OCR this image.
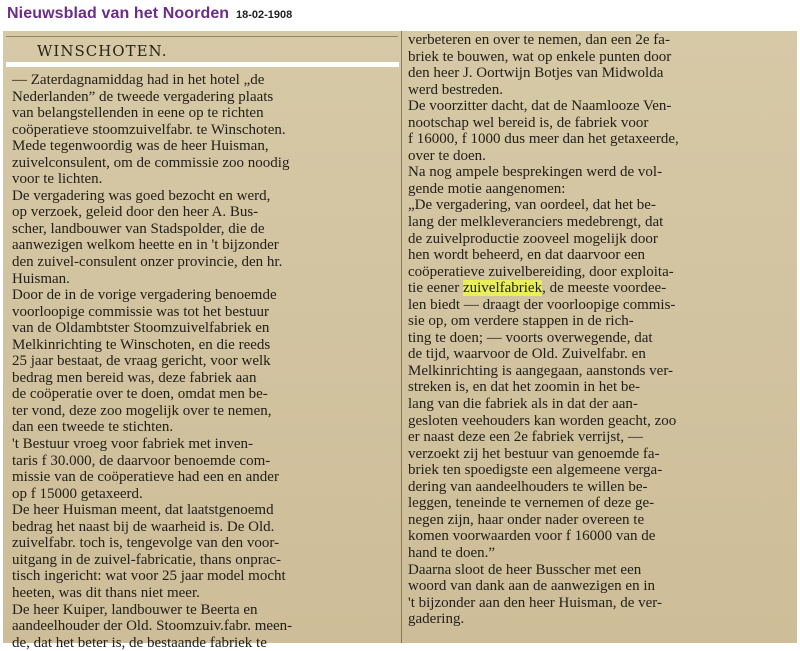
Nieuwsblad van het Noorden 18-02-1908
WINSCHOTEN.
— Zaterdagnamiddag had in het hotel „de
Nederlanden” de tweede vergadering plaats
van belangstellenden in eene op te richten
coöperatieve stoomzuivelfabr. te Winschoten.
Mede tegenwoordig was de heer Huisman,
zuivelconsulent, om de commissie zoo noodig
voor te lichten.
De vergadering was goed bezocht en werd,
op verzoek, geleid door den heer A. Bus-
scher, landbouwer van Stadspolder, die de
aanwezigen welkom heette en in 't bijzonder
den zuivel-consulent onzer provincie, den hr.
Huisman.
Door de in de vorige vergadering benoemde
voorloopige commissie was tot het bestuur
van de Oldambtster Stoomzuivelfabriek en
Melkinrichting te Winschoten, en die reeds
25 jaar bestaat, de vraag gericht, voor welk
bedrag men bereid was, deze fabriek aan
de coöperatie over te doen, omdat men be-
ter vond, deze zoo mogelijk over te nemen,
dan een tweede te stichten.
't Bestuur vroeg voor fabriek met inven-
taris f 30.000, de daarvoor benoemde com-
missie van de coöperatieve had een en ander
op f 15000 getaxeerd.
De heer Huisman meent, dat laatstgenoemd
bedrag het naast bij de waarheid is. De Old.
zuivelfabr. toch is, tengevolge van den voor-
uitgang in de zuivel-fabricatie, thans onprac-
tisch ingericht: wat voor 25 jaar model mocht
heeten, was dit thans niet meer.
De heer Kuiper, landbouwer te Beerta en
aandeelhouder der Old. Stoomzuiv.fabr. meen-
de, dat het beter is, de bestaande fabriek te
verbeteren en over te nemen, dan een 2e fa-
briek te bouwen, wat op enkele punten door
den heer J. Oortwijn Botjes van Midwolda
werd bestreden.
De voorzitter dacht, dat de Naamlooze Ven-
nootschap wel bereid is, de fabriek voor
f 16000, f 1000 dus meer dan het getaxeerde,
over te doen.
Na nog ampele besprekingen werd de vol-
gende motie aangenomen:
„De vergadering, van oordeel, dat het be-
lang der melkleveranciers medebrengt, dat
de zuivelproductie zooveel mogelijk door
hen wordt beheerd, en dat daarvoor een
coöperatieve zuivelbereiding, door exploita-
tie eener zuivelfabriek, de meeste voordee-
len biedt — draagt der voorloopige commis-
sie op, om verdere stappen in de rich-
ting te doen; — voorts overwegende, dat
de tijd, waarvoor de Old. Zuivelfabr. en
Melkinrichting is aangegaan, aanstonds ver-
streken is, en dat het zoomin in het be-
lang van die fabriek als in dat der aan-
gesloten veehouders kan worden geacht, zoo
er naast deze een 2e fabriek verrijst, —
verzoekt zij het bestuur van genoemde fa-
briek ten spoedigste een algemeene verga-
dering van aandeelhouders te willen be-
leggen, teneinde te vernemen of deze ge-
negen zijn, haar onder nader overeen te
komen voorwaarden voor f 16000 van de
hand te doen.”
Daarna sloot de heer Busscher met een
woord van dank aan de aanwezigen en in
't bijzonder aan den heer Huisman, de ver-
gadering.
